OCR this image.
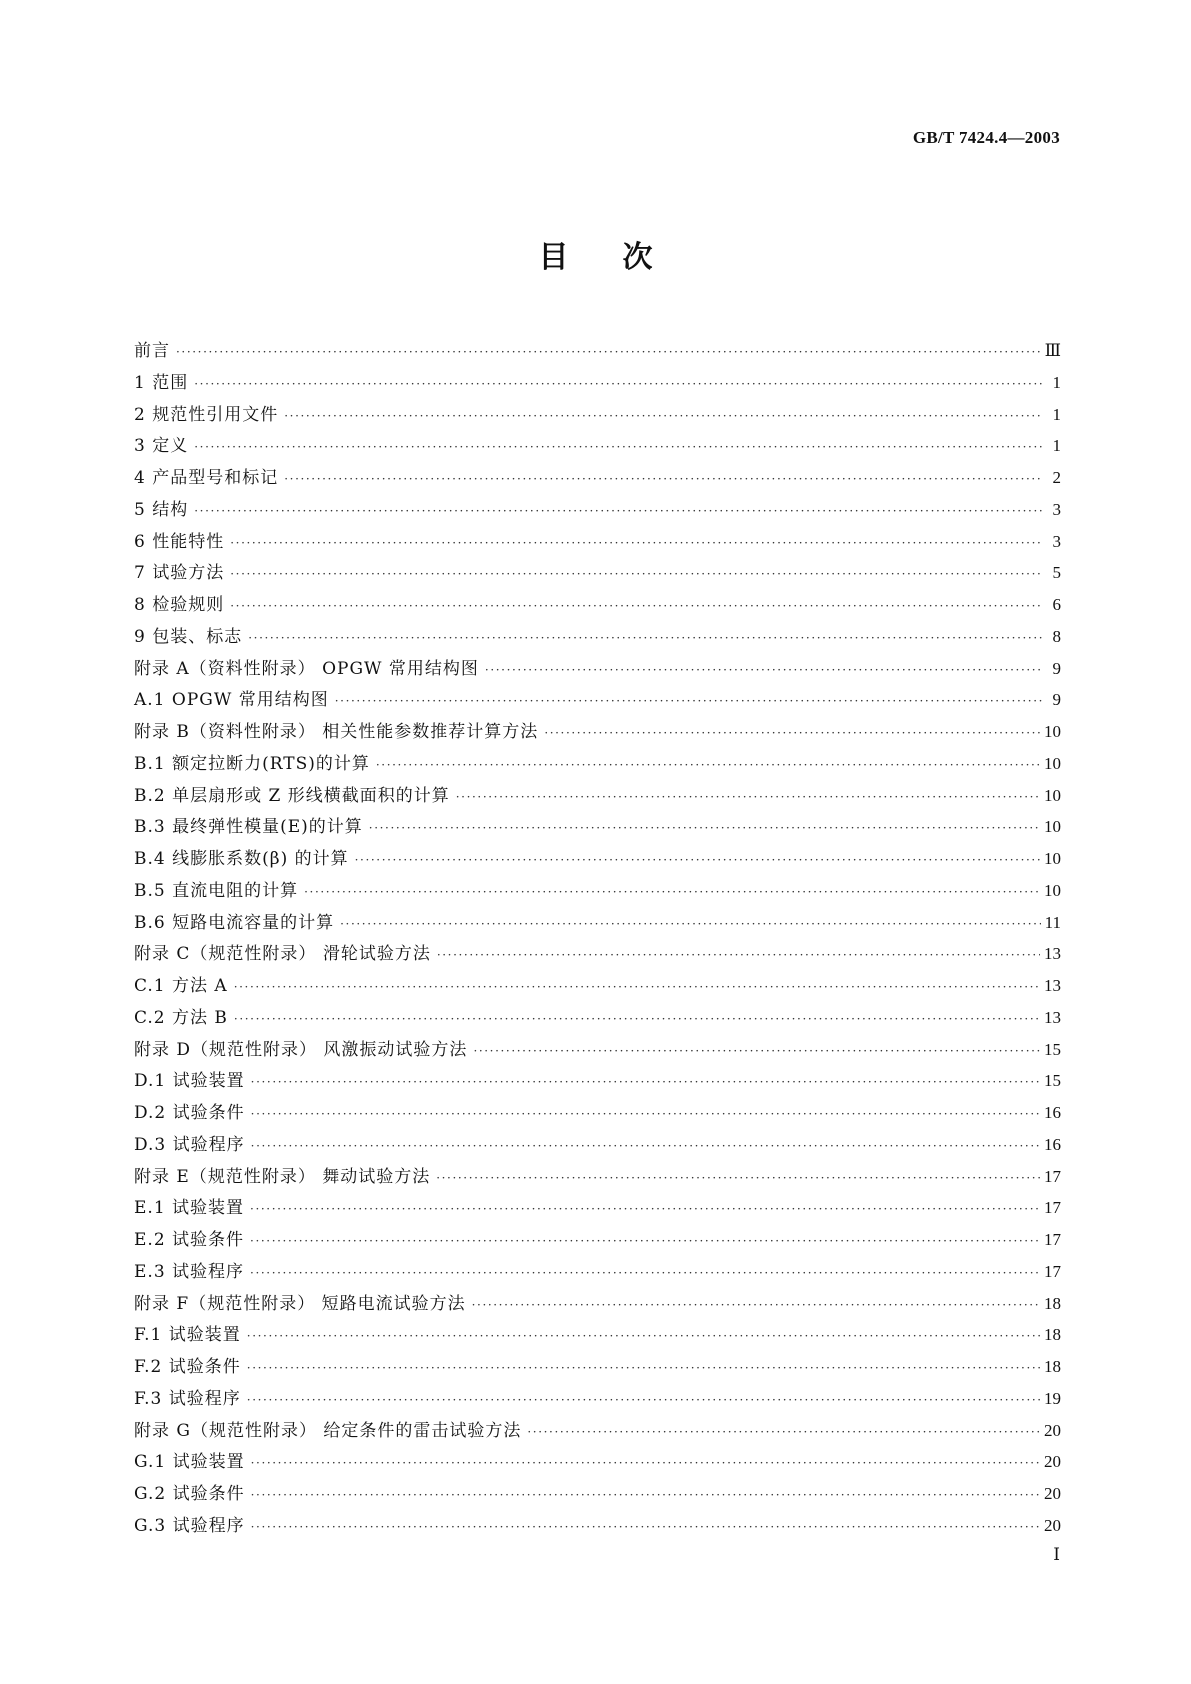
GB/T 7424.4—2003
目 次
前言 ·····	Ⅲ
1 范围 ·····	1
2 规范性引用文件 ·····	1
3 定义 ·····	1
4 产品型号和标记 ·····	2
5 结构 ·····	3
6 性能特性 ·····	3
7 试验方法 ·····	5
8 检验规则 ·····	6
9 包装、标志 ·····	8
附录 A（资料性附录） OPGW 常用结构图 ·····	9
A.1 OPGW 常用结构图 ·····	9
附录 B（资料性附录） 相关性能参数推荐计算方法 ·····	10
B.1 额定拉断力(RTS)的计算 ·····	10
B.2 单层扇形或 Z 形线横截面积的计算 ·····	10
B.3 最终弹性模量(E)的计算 ·····	10
B.4 线膨胀系数(β) 的计算 ·····	10
B.5 直流电阻的计算 ·····	10
B.6 短路电流容量的计算 ·····	11
附录 C（规范性附录） 滑轮试验方法 ·····	13
C.1 方法 A ·····	13
C.2 方法 B ·····	13
附录 D（规范性附录） 风激振动试验方法 ·····	15
D.1 试验装置 ·····	15
D.2 试验条件 ·····	16
D.3 试验程序 ·····	16
附录 E（规范性附录） 舞动试验方法 ·····	17
E.1 试验装置 ·····	17
E.2 试验条件 ·····	17
E.3 试验程序 ·····	17
附录 F（规范性附录） 短路电流试验方法 ·····	18
F.1 试验装置 ·····	18
F.2 试验条件 ·····	18
F.3 试验程序 ·····	19
附录 G（规范性附录） 给定条件的雷击试验方法 ·····	20
G.1 试验装置 ·····	20
G.2 试验条件 ·····	20
G.3 试验程序 ·····	20
Ⅰ
